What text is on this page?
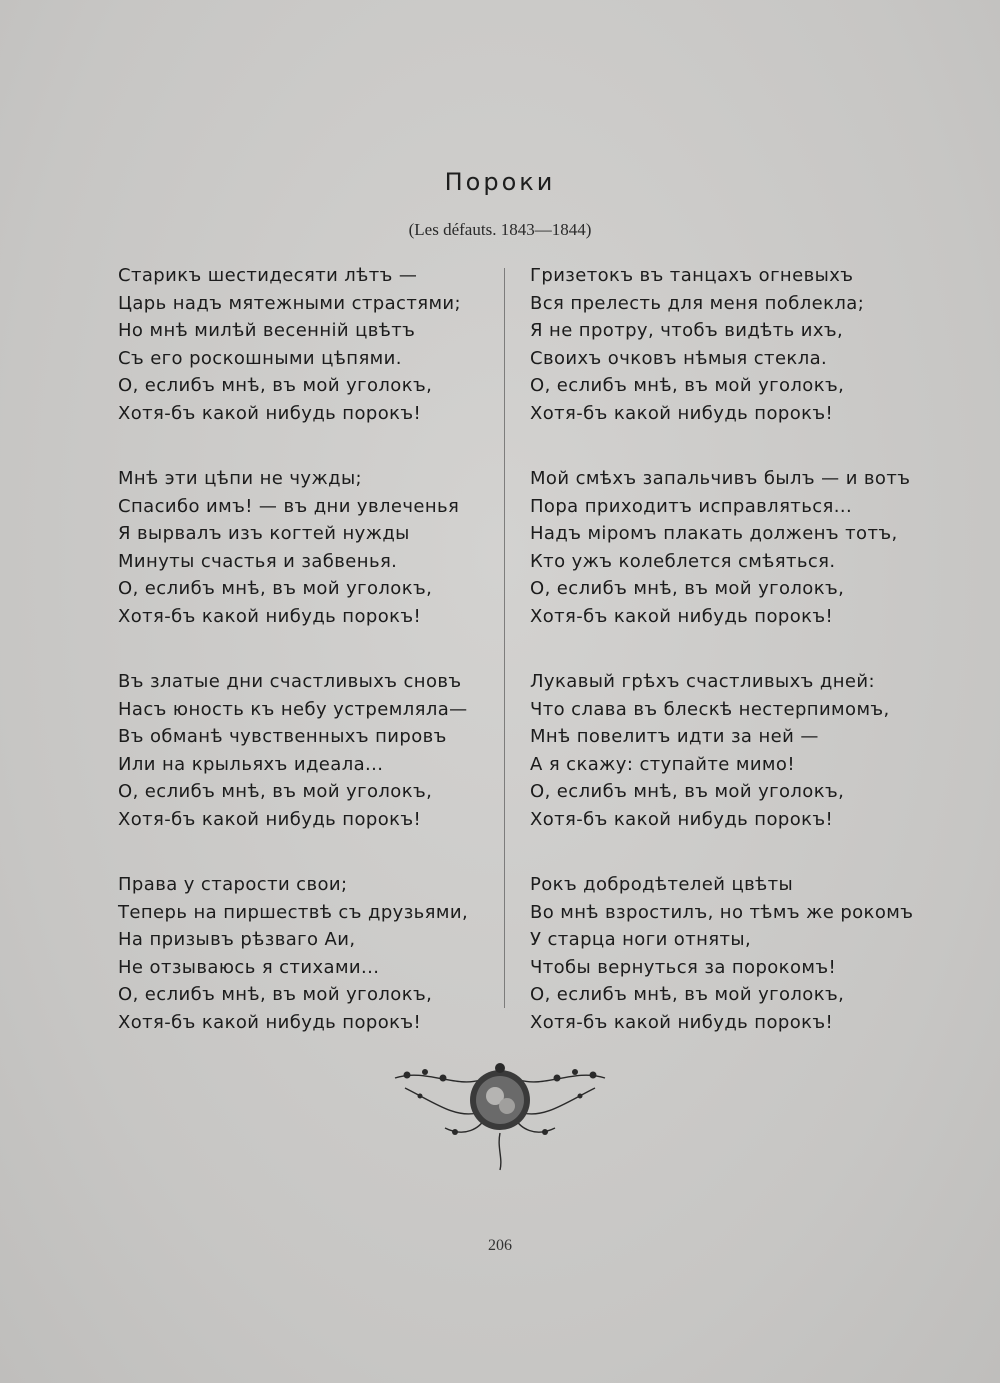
Пороки
(Les défauts. 1843—1844)
Старикъ шестидесяти лѣтъ —
Царь надъ мятежными страстями;
Но мнѣ милѣй весенній цвѣтъ
Съ его роскошными цѣпями.
О, еслибъ мнѣ, въ мой уголокъ,
Хотя-бъ какой нибудь порокъ!
Мнѣ эти цѣпи не чужды;
Спасибо имъ! — въ дни увлеченья
Я вырвалъ изъ когтей нужды
Минуты счастья и забвенья.
О, еслибъ мнѣ, въ мой уголокъ,
Хотя-бъ какой нибудь порокъ!
Въ златые дни счастливыхъ сновъ
Насъ юность къ небу устремляла—
Въ обманѣ чувственныхъ пировъ
Или на крыльяхъ идеала...
О, еслибъ мнѣ, въ мой уголокъ,
Хотя-бъ какой нибудь порокъ!
Права у старости свои;
Теперь на пиршествѣ съ друзьями,
На призывъ рѣзваго Аи,
Не отзываюсь я стихами...
О, еслибъ мнѣ, въ мой уголокъ,
Хотя-бъ какой нибудь порокъ!
Гризетокъ въ танцахъ огневыхъ
Вся прелесть для меня поблекла;
Я не протру, чтобъ видѣть ихъ,
Своихъ очковъ нѣмыя стекла.
О, еслибъ мнѣ, въ мой уголокъ,
Хотя-бъ какой нибудь порокъ!
Мой смѣхъ запальчивъ былъ — и вотъ
Пора приходитъ исправляться...
Надъ міромъ плакать долженъ тотъ,
Кто ужъ колеблется смѣяться.
О, еслибъ мнѣ, въ мой уголокъ,
Хотя-бъ какой нибудь порокъ!
Лукавый грѣхъ счастливыхъ дней:
Что слава въ блескѣ нестерпимомъ,
Мнѣ повелитъ идти за ней —
А я скажу: ступайте мимо!
О, еслибъ мнѣ, въ мой уголокъ,
Хотя-бъ какой нибудь порокъ!
Рокъ добродѣтелей цвѣты
Во мнѣ взростилъ, но тѣмъ же рокомъ
У старца ноги отняты,
Чтобы вернуться за порокомъ!
О, еслибъ мнѣ, въ мой уголокъ,
Хотя-бъ какой нибудь порокъ!
206
